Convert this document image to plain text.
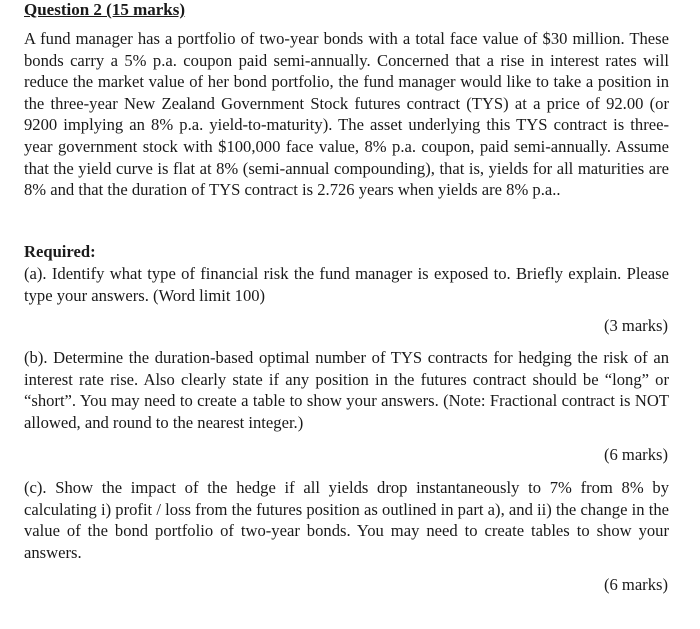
Question 2 (15 marks)

A fund manager has a portfolio of two-year bonds with a total face value of $30 million. These bonds carry a 5% p.a. coupon paid semi-annually. Concerned that a rise in interest rates will reduce the market value of her bond portfolio, the fund manager would like to take a position in the three-year New Zealand Government Stock futures contract (TYS) at a price of 92.00 (or 9200 implying an 8% p.a. yield-to-maturity). The asset underlying this TYS contract is three-year government stock with $100,000 face value, 8% p.a. coupon, paid semi-annually. Assume that the yield curve is flat at 8% (semi-annual compounding), that is, yields for all maturities are 8% and that the duration of TYS contract is 2.726 years when yields are 8% p.a..

Required:

(a). Identify what type of financial risk the fund manager is exposed to. Briefly explain. Please type your answers. (Word limit 100)

(3 marks)

(b). Determine the duration-based optimal number of TYS contracts for hedging the risk of an interest rate rise. Also clearly state if any position in the futures contract should be “long” or “short”. You may need to create a table to show your answers. (Note: Fractional contract is NOT allowed, and round to the nearest integer.)

(6 marks)

(c). Show the impact of the hedge if all yields drop instantaneously to 7% from 8% by calculating i) profit / loss from the futures position as outlined in part a), and ii) the change in the value of the bond portfolio of two-year bonds. You may need to create tables to show your answers.

(6 marks)
